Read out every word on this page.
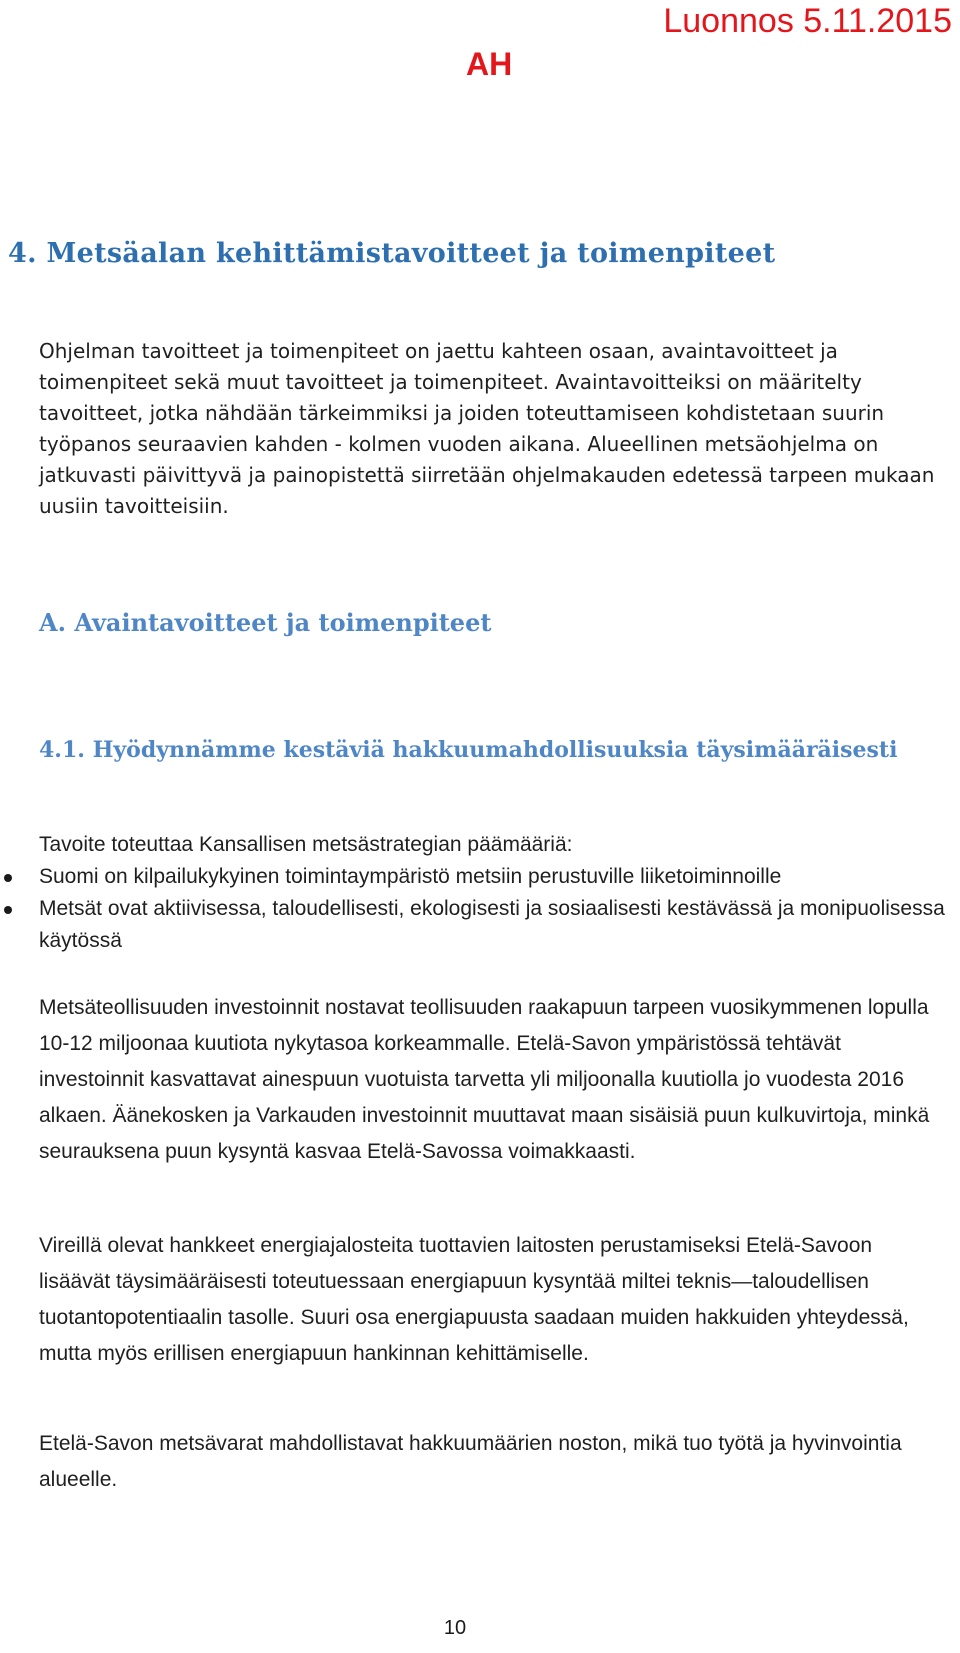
Luonnos 5.11.2015
AH
4. Metsäalan kehittämistavoitteet ja toimenpiteet
Ohjelman tavoitteet ja toimenpiteet on jaettu kahteen osaan, avaintavoitteet ja toimenpiteet sekä muut tavoitteet ja toimenpiteet. Avaintavoitteiksi on määritelty tavoitteet, jotka nähdään tärkeimmiksi ja joiden toteuttamiseen kohdistetaan suurin työpanos seuraavien kahden - kolmen vuoden aikana. Alueellinen metsäohjelma on jatkuvasti päivittyvä ja painopistettä siirretään ohjelmakauden edetessä tarpeen mukaan uusiin tavoitteisiin.
A. Avaintavoitteet ja toimenpiteet
4.1. Hyödynnämme kestäviä hakkuumahdollisuuksia täysimääräisesti
Tavoite toteuttaa Kansallisen metsästrategian päämääriä:
Suomi on kilpailukykyinen toimintaympäristö metsiin perustuville liiketoiminnoille
Metsät ovat aktiivisessa, taloudellisesti, ekologisesti ja sosiaalisesti kestävässä ja monipuolisessa käytössä
Metsäteollisuuden investoinnit nostavat teollisuuden raakapuun tarpeen vuosikymmenen lopulla 10-12 miljoonaa kuutiota nykytasoa korkeammalle. Etelä-Savon ympäristössä tehtävät investoinnit kasvattavat ainespuun vuotuista tarvetta yli miljoonalla kuutiolla jo vuodesta 2016 alkaen. Äänekosken ja Varkauden investoinnit muuttavat maan sisäisiä puun kulkuvirtoja, minkä seurauksena puun kysyntä kasvaa Etelä-Savossa voimakkaasti.
Vireillä olevat hankkeet energiajalosteita tuottavien laitosten perustamiseksi Etelä-Savoon lisäävät täysimääräisesti toteutuessaan energiapuun kysyntää miltei teknis—taloudellisen tuotantopotentiaalin tasolle. Suuri osa energiapuusta saadaan muiden hakkuiden yhteydessä, mutta myös erillisen energiapuun hankinnan kehittämiselle.
Etelä-Savon metsävarat mahdollistavat hakkuumäärien noston, mikä tuo työtä ja hyvinvointia alueelle.
10
